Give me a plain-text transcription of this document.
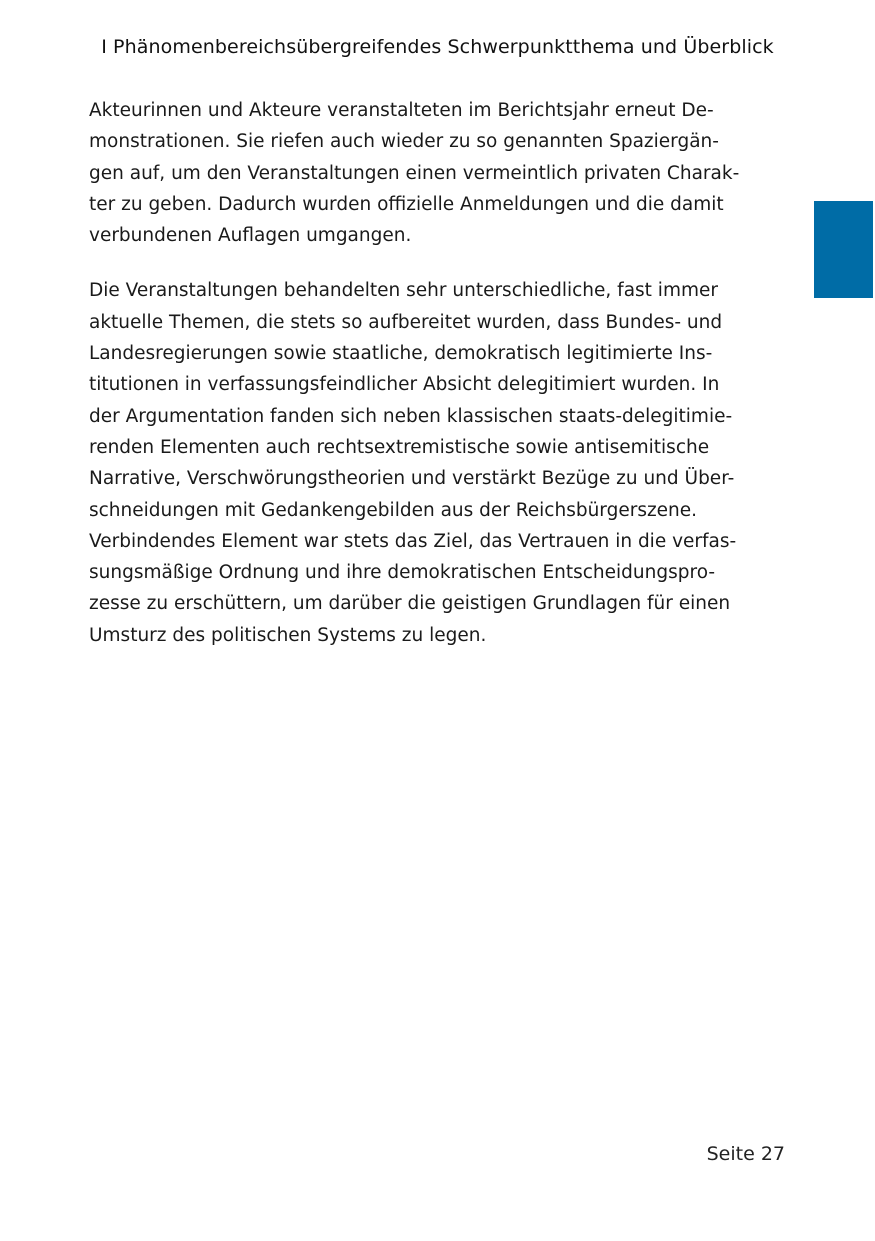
I Phänomenbereichsübergreifendes Schwerpunktthema und Überblick

Akteurinnen und Akteure veranstalteten im Berichtsjahr erneut De-
monstrationen. Sie riefen auch wieder zu so genannten Spaziergän-
gen auf, um den Veranstaltungen einen vermeintlich privaten Charak-
ter zu geben. Dadurch wurden offizielle Anmeldungen und die damit
verbundenen Auflagen umgangen.

Die Veranstaltungen behandelten sehr unterschiedliche, fast immer
aktuelle Themen, die stets so aufbereitet wurden, dass Bundes- und
Landesregierungen sowie staatliche, demokratisch legitimierte Ins-
titutionen in verfassungsfeindlicher Absicht delegitimiert wurden. In
der Argumentation fanden sich neben klassischen staats-delegitimie-
renden Elementen auch rechtsextremistische sowie antisemitische
Narrative, Verschwörungstheorien und verstärkt Bezüge zu und Über-
schneidungen mit Gedankengebilden aus der Reichsbürgerszene.
Verbindendes Element war stets das Ziel, das Vertrauen in die verfas-
sungsmäßige Ordnung und ihre demokratischen Entscheidungspro-
zesse zu erschüttern, um darüber die geistigen Grundlagen für einen
Umsturz des politischen Systems zu legen.

Seite 27
